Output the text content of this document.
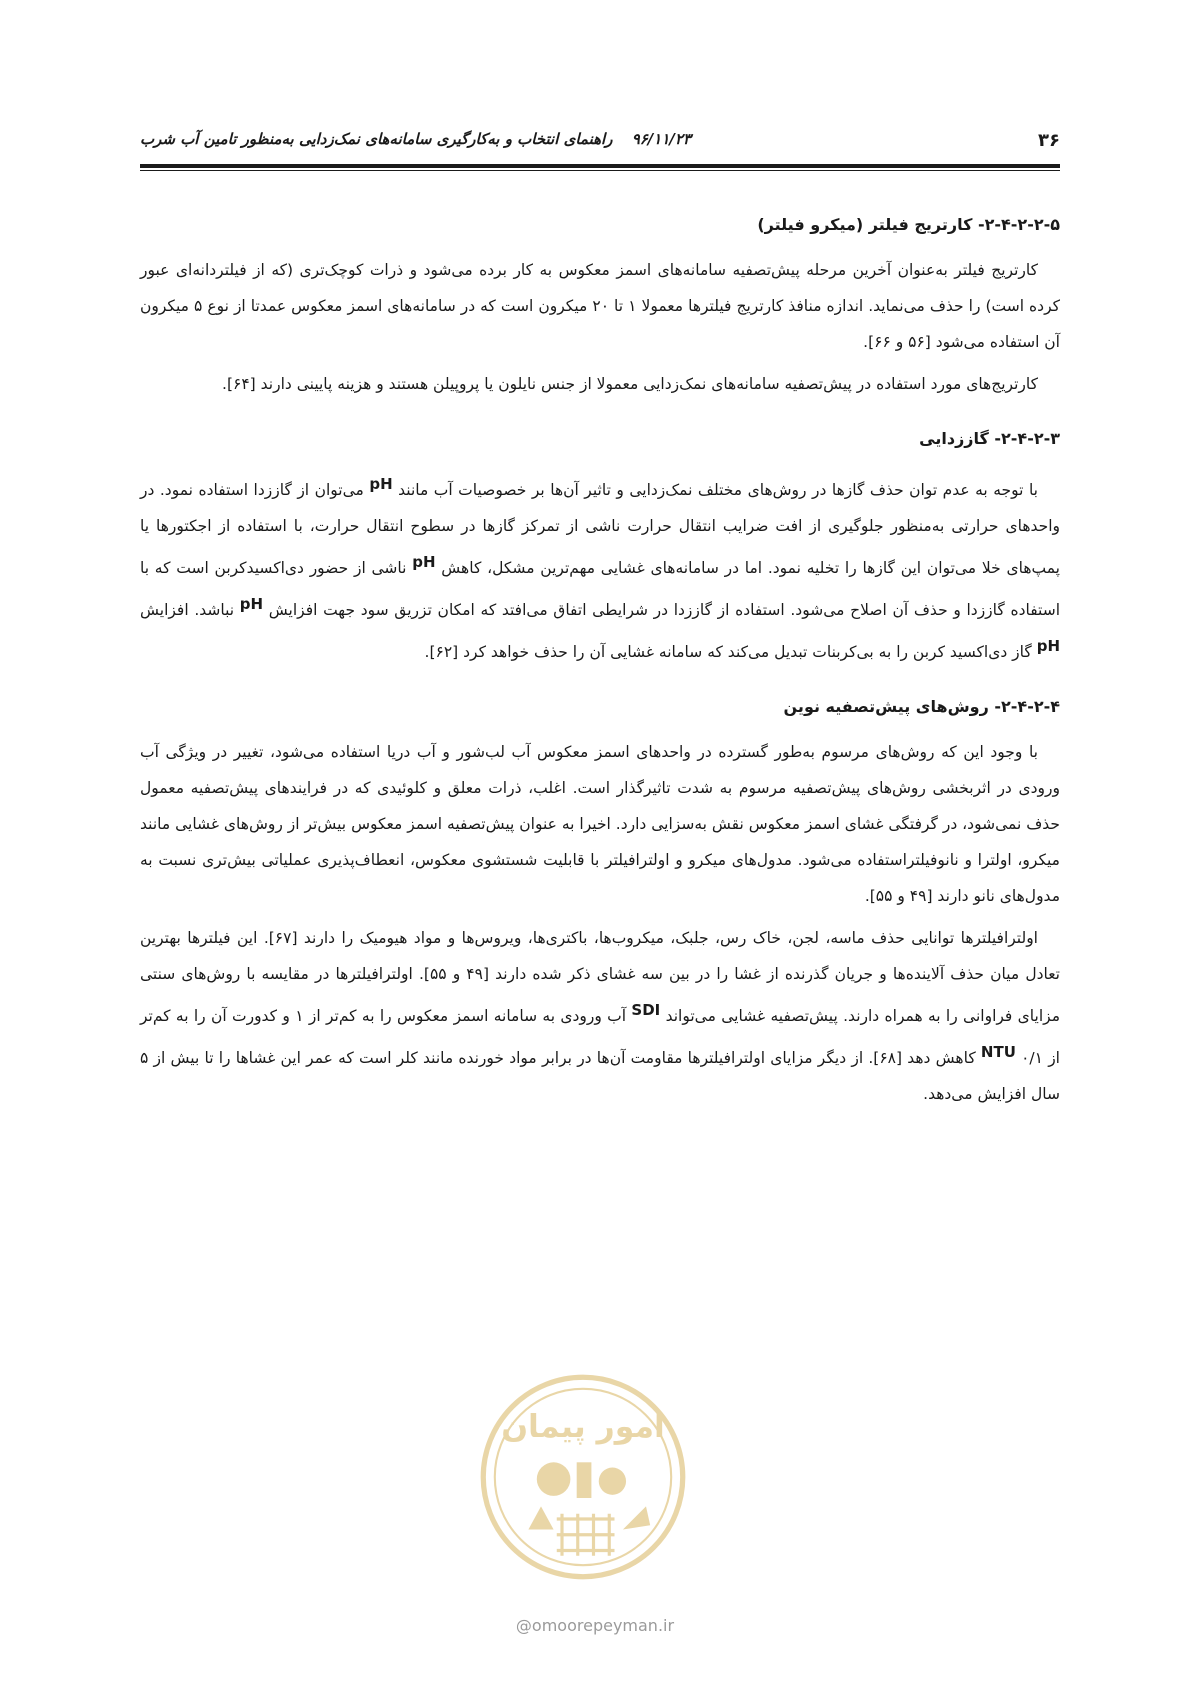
۳۶
۹۶/۱۱/۲۳ راهنمای انتخاب و به‌کارگیری سامانه‌های نمک‌زدایی به‌منظور تامین آب شرب
۲-۴-۲-۲-۵- کارتریج فیلتر (میکرو فیلتر)

کارتریج فیلتر به‌عنوان آخرین مرحله پیش‌تصفیه سامانه‌های اسمز معکوس به کار برده می‌شود و ذرات کوچک‌تری (که از فیلتردانه‌ای عبور کرده است) را حذف می‌نماید. اندازه منافذ کارتریج فیلترها معمولا ۱ تا ۲۰ میکرون است که در سامانه‌های اسمز معکوس عمدتا از نوع ۵ میکرون آن استفاده می‌شود [۵۶ و ۶۶].

کارتریج‌های مورد استفاده در پیش‌تصفیه سامانه‌های نمک‌زدایی معمولا از جنس نایلون یا پروپیلن هستند و هزینه پایینی دارند [۶۴].

۲-۴-۲-۳- گاززدایی

با توجه به عدم توان حذف گازها در روش‌های مختلف نمک‌زدایی و تاثیر آن‌ها بر خصوصیات آب مانند $^{pH}$ می‌توان از گاززدا استفاده نمود. در واحدهای حرارتی به‌منظور جلوگیری از افت ضرایب انتقال حرارت ناشی از تمرکز گازها در سطوح انتقال حرارت، با استفاده از اجکتورها یا پمپ‌های خلا می‌توان این گازها را تخلیه نمود. اما در سامانه‌های غشایی مهم‌ترین مشکل، کاهش $^{pH}$ ناشی از حضور دی‌اکسیدکربن است که با استفاده گاززدا و حذف آن اصلاح می‌شود. استفاده از گاززدا در شرایطی اتفاق می‌افتد که امکان تزریق سود جهت افزایش $^{pH}$ نباشد. افزایش $^{pH}$ گاز دی‌اکسید کربن را به بی‌کربنات تبدیل می‌کند که سامانه غشایی آن را حذف خواهد کرد [۶۲].

۲-۴-۲-۴- روش‌های پیش‌تصفیه نوین

با وجود این که روش‌های مرسوم به‌طور گسترده در واحدهای اسمز معکوس آب لب‌شور و آب دریا استفاده می‌شود، تغییر در ویژگی آب ورودی در اثربخشی روش‌های پیش‌تصفیه مرسوم به شدت تاثیرگذار است. اغلب، ذرات معلق و کلوئیدی که در فرایندهای پیش‌تصفیه معمول حذف نمی‌شود، در گرفتگی غشای اسمز معکوس نقش به‌سزایی دارد. اخیرا به عنوان پیش‌تصفیه اسمز معکوس بیش‌تر از روش‌های غشایی مانند میکرو، اولترا و نانوفیلتراستفاده می‌شود. مدول‌های میکرو و اولترافیلتر با قابلیت شستشوی معکوس، انعطاف‌پذیری عملیاتی بیش‌تری نسبت به مدول‌های نانو دارند [۴۹ و ۵۵].

اولترافیلترها توانایی حذف ماسه، لجن، خاک رس، جلبک، میکروب‌ها، باکتری‌ها، ویروس‌ها و مواد هیومیک را دارند [۶۷]. این فیلترها بهترین تعادل میان حذف آلاینده‌ها و جریان گذرنده از غشا را در بین سه غشای ذکر شده دارند [۴۹ و ۵۵]. اولترافیلترها در مقایسه با روش‌های سنتی مزایای فراوانی را به همراه دارند. پیش‌تصفیه غشایی می‌تواند $^{SDI}$ آب ورودی به سامانه اسمز معکوس را به کم‌تر از ۱ و کدورت آن را به کم‌تر از ۰/۱ $^{NTU}$ کاهش دهد [۶۸]. از دیگر مزایای اولترافیلترها مقاومت آن‌ها در برابر مواد خورنده مانند کلر است که عمر این غشاها را تا بیش از ۵ سال افزایش می‌دهد.

امور پیمان
@omoorepeyman.ir
